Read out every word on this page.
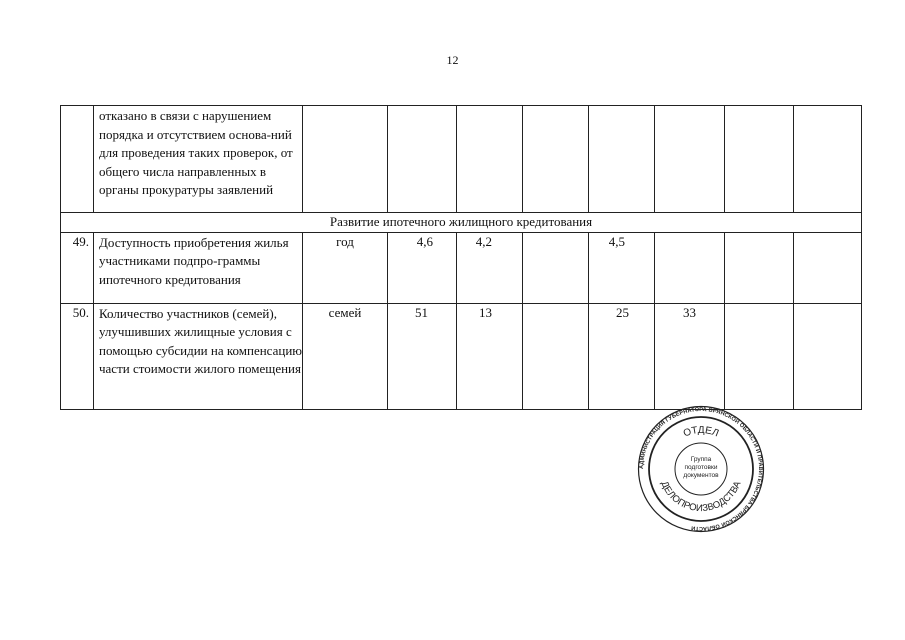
12
	отказано в связи с нарушением порядка и отсутствием основа-ний для проведения таких проверок, от общего числа направленных в органы прокуратуры заявлений								
Развитие ипотечного жилищного кредитования									
49.	Доступность приобретения жилья участниками подпро-граммы ипотечного кредитования	год	4,6	4,2		4,5			
50.	Количество участников (семей), улучшивших жилищные условия с помощью субсидии на компенсацию части стоимости жилого помещения	семей	51	13		25	33		
АДМИНИСТРАЦИЯ ГУБЕРНАТОРА БРЯНСКОЙ ОБЛАСТИ И ПРАВИТЕЛЬСТВА БРЯНСКОЙ ОБЛАСТИ
ОТДЕЛ
ДЕЛОПРОИЗВОДСТВА
Группа
подготовки
документов
